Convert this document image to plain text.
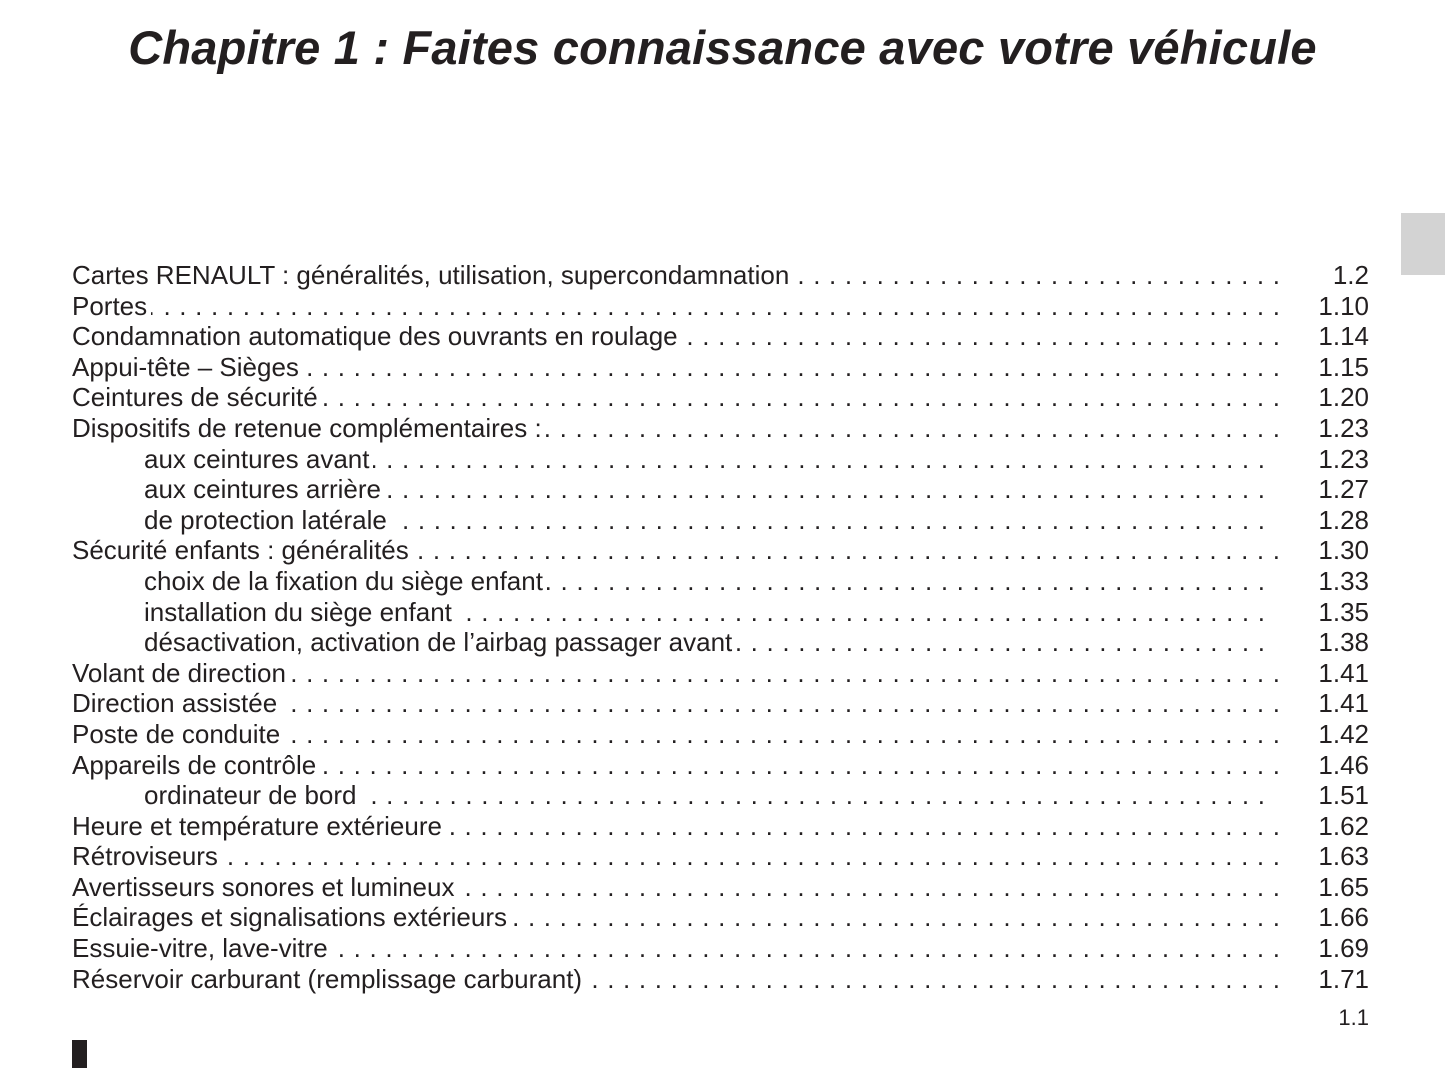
Chapitre 1 : Faites connaissance avec votre véhicule
Cartes RENAULT : généralités, utilisation, supercondamnation . . .	1.2
Portes . . .	1.10
Condamnation automatique des ouvrants en roulage . . .	1.14
Appui-tête – Sièges . . .	1.15
Ceintures de sécurité . . .	1.20
Dispositifs de retenue complémentaires : . . .	1.23
aux ceintures avant . . .	1.23
aux ceintures arrière . . .	1.27
de protection latérale . . .	1.28
Sécurité enfants : généralités . . .	1.30
choix de la fixation du siège enfant . . .	1.33
installation du siège enfant . . .	1.35
désactivation, activation de l’airbag passager avant . . .	1.38
Volant de direction . . .	1.41
Direction assistée . . .	1.41
Poste de conduite . . .	1.42
Appareils de contrôle . . .	1.46
ordinateur de bord . . .	1.51
Heure et température extérieure . . .	1.62
Rétroviseurs . . .	1.63
Avertisseurs sonores et lumineux . . .	1.65
Éclairages et signalisations extérieurs . . .	1.66
Essuie-vitre, lave-vitre . . .	1.69
Réservoir carburant (remplissage carburant) . . .	1.71
1.1
